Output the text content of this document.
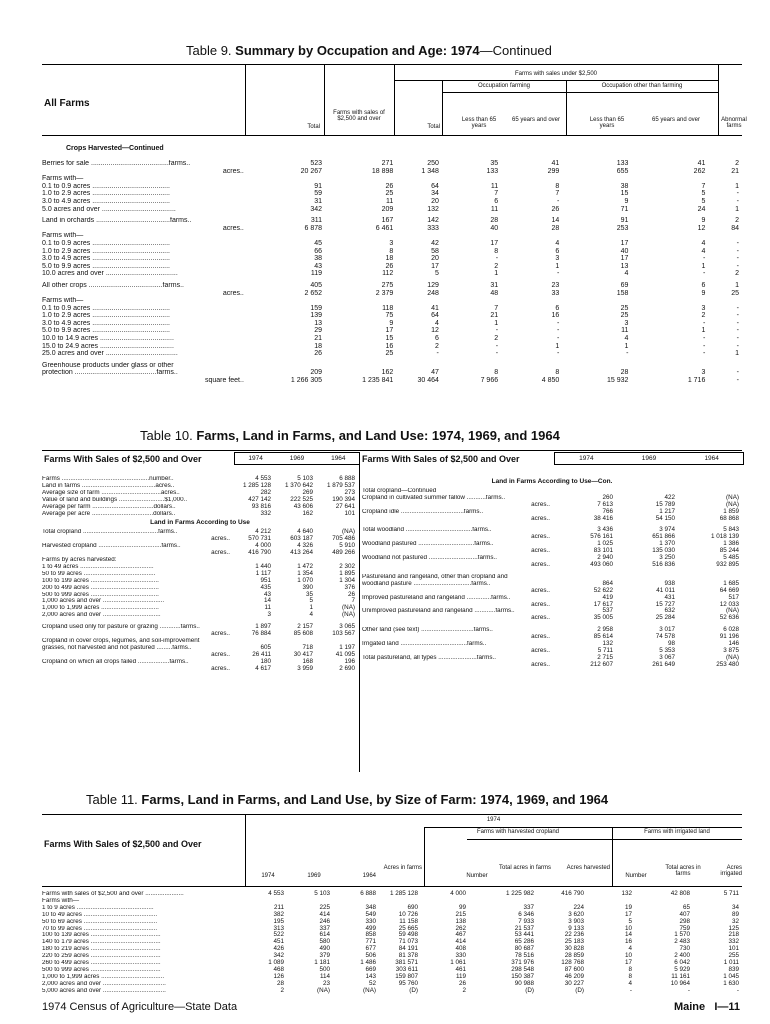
Table 9. Summary by Occupation and Age: 1974—Continued
All Farms
Total
Farms with sales of $2,500 and over
Farms with sales under $2,500
Total
Occupation farming	Occupation other than farming
Less than 65 years
65 years and over	Less than 65 years
65 years and over	Abnormal farms
Crops Harvested—Continued
Berries for sale ........................................farms..	523	271	250	35	41	133	41	2
acres..	20 267	18 898	1 348	133	299	655	262	21
Farms with—								
0.1 to 0.9 acres ........................................	91	26	64	11	8	38	7	1
1.0 to 2.9 acres ........................................	59	25	34	7	7	15	5	-
3.0 to 4.9 acres ........................................	31	11	20	6	-	9	5	-
5.0 acres and over ......................................	342	209	132	11	26	71	24	1

Land in orchards ......................................farms..	311	167	142	28	14	91	9	2
acres..	6 878	6 461	333	40	28	253	12	84
Farms with—								
0.1 to 0.9 acres ........................................	45	3	42	17	4	17	4	-
1.0 to 2.9 acres ........................................	66	8	58	8	6	40	4	-
3.0 to 4.9 acres ........................................	38	18	20	-	3	17	-	-
5.0 to 9.9 acres ........................................	43	26	17	2	1	13	1	-
10.0 acres and over .....................................	119	112	5	1	-	4	-	2

All other crops ......................................farms..	405	275	129	31	23	69	6	1
acres..	2 652	2 379	248	48	33	158	9	25
Farms with—								
0.1 to 0.9 acres ........................................	159	118	41	7	6	25	3	-
1.0 to 2.9 acres ........................................	139	75	64	21	16	25	2	-
3.0 to 4.9 acres ........................................	13	9	4	1	-	3	-	-
5.0 to 9.9 acres ........................................	29	17	12	-	-	11	1	-
10.0 to 14.9 acres ......................................	21	15	6	2	-	4	-	-
15.0 to 24.9 acres ......................................	18	16	2	-	1	1	-	-
25.0 acres and over .....................................	26	25	-	-	-	-	-	1

Greenhouse products under glass or other								
protection ..........................................farms..	209	162	47	8	8	28	3	-
square feet..	1 266 305	1 235 841	30 464	7 966	4 850	15 932	1 716	-
Table 10. Farms, Land in Farms, and Land Use: 1974, 1969, and 1964
Farms With Sales of $2,500 and Over	1974	1969	1964	Farms With Sales of $2,500 and Over	1974	1969	1964
Farms ..................................................number..	4 553	5 103	6 888
Land in farms ..........................................acres..	1 285 128	1 370 642	1 879 537
Average size of farm ..................................acres..	282	269	273
Value of land and buildings ..........................$1,000..	427 142	222 525	190 394
Average per farm ...................................dollars..	93 816	43 606	27 641
Average per acre ...................................dollars..	332	162	101
Land in Farms According to Use			
Total cropland ...........................................farms..	4 212	4 640	(NA)
acres..	570 731	603 187	705 486
Harvested cropland ....................................farms..	4 000	4 326	5 910
acres..	416 790	413 264	489 266
Farms by acres harvested:			
1 to 49 acres ..........................................	1 440	1 472	2 302
50 to 99 acres .........................................	1 117	1 354	1 895
100 to 199 acres .......................................	951	1 070	1 304
200 to 499 acres .......................................	435	390	376
500 to 999 acres .......................................	43	35	26
1,000 acres and over ...................................	14	5	7
1,000 to 1,999 acres .................................	11	1	(NA)
2,000 acres and over .................................	3	4	(NA)

Cropland used only for pasture or grazing ............farms..	1 897	2 157	3 065
acres..	76 884	85 608	103 567
Cropland in cover crops, legumes, and soil-improvement			
grasses, not harvested and not pastured .........farms..	605	718	1 197
acres..	26 411	30 417	41 095
Cropland on which all crops failed ..................farms..	180	168	196
acres..	4 617	3 959	2 690
Land in Farms According to Use—Con.			
Total cropland—Continued			
Cropland in cultivated summer fallow ...........farms..	260	422	(NA)
acres..	7 613	15 789	(NA)
Cropland idle ....................................farms..	766	1 217	1 859
acres..	38 416	54 150	68 868

Total woodland ......................................farms..	3 436	3 974	5 843
acres..	576 161	651 866	1 018 139
Woodland pastured ................................farms..	1 025	1 370	1 386
acres..	83 101	135 030	85 244
Woodland not pastured ............................farms..	2 940	3 250	5 485
acres..	493 060	516 836	932 895

Pastureland and rangeland, other than cropland and			
woodland pasture .................................farms..	864	938	1 685
acres..	52 622	41 011	64 669
Improved pastureland and rangeland ..............farms..	419	431	517
acres..	17 617	15 727	12 033
Unimproved pastureland and rangeland ............farms..	537	632	(NA)
acres..	35 005	25 284	52 636

Other land (see text) ..............................farms..	2 958	3 017	6 028
acres..	85 614	74 578	91 196
Irrigated land ......................................farms..	132	98	146
acres..	5 711	5 353	3 875
Total pastureland, all types ......................farms..	2 715	3 067	(NA)
acres..	212 607	261 649	253 480
Table 11. Farms, Land in Farms, and Land Use, by Size of Farm: 1974, 1969, and 1964
Farms With Sales of $2,500 and Over
1974
Farms with harvested cropland	Farms with irrigated land
1974	1969	1964
Acres in farms
Number
Total acres in farms	Acres harvested
Number
Total acres in farms
Acres irrigated
Farms with sales of $2,500 and over ......................	4 553	5 103	6 888	1 285 128	4 000	1 225 982	416 790	132	42 808	5 711
Farms with—										
1 to 9 acres ............................................	211	225	348	690	99	337	224	19	65	34
10 to 49 acres ..........................................	382	414	549	10 726	215	6 346	3 620	17	407	89
50 to 69 acres ..........................................	195	246	330	11 158	138	7 933	3 903	5	298	32
70 to 99 acres ..........................................	313	337	499	25 665	262	21 537	9 133	10	759	125
100 to 139 acres ........................................	522	614	858	59 498	467	53 441	22 236	14	1 570	218
140 to 179 acres ........................................	451	580	771	71 073	414	65 286	25 183	16	2 483	332
180 to 219 acres ........................................	426	490	677	84 191	408	80 687	30 828	4	730	101
220 to 259 acres ........................................	342	379	506	81 378	330	78 516	28 859	10	2 400	255
260 to 499 acres ........................................	1 089	1 181	1 486	381 571	1 061	371 976	128 768	17	6 042	1 011
500 to 999 acres ........................................	468	500	669	303 611	461	298 548	87 600	8	5 929	839
1,000 to 1,999 acres ....................................	126	114	143	159 807	119	150 387	46 209	8	11 161	1 045
2,000 acres and over ....................................	28	23	52	95 760	26	90 988	30 227	4	10 964	1 630
5,000 acres and over ....................................	2	(NA)	(NA)	(D)	2	(D)	(D)	-	-	-
1974 Census of Agriculture—State Data	Maine I—11
